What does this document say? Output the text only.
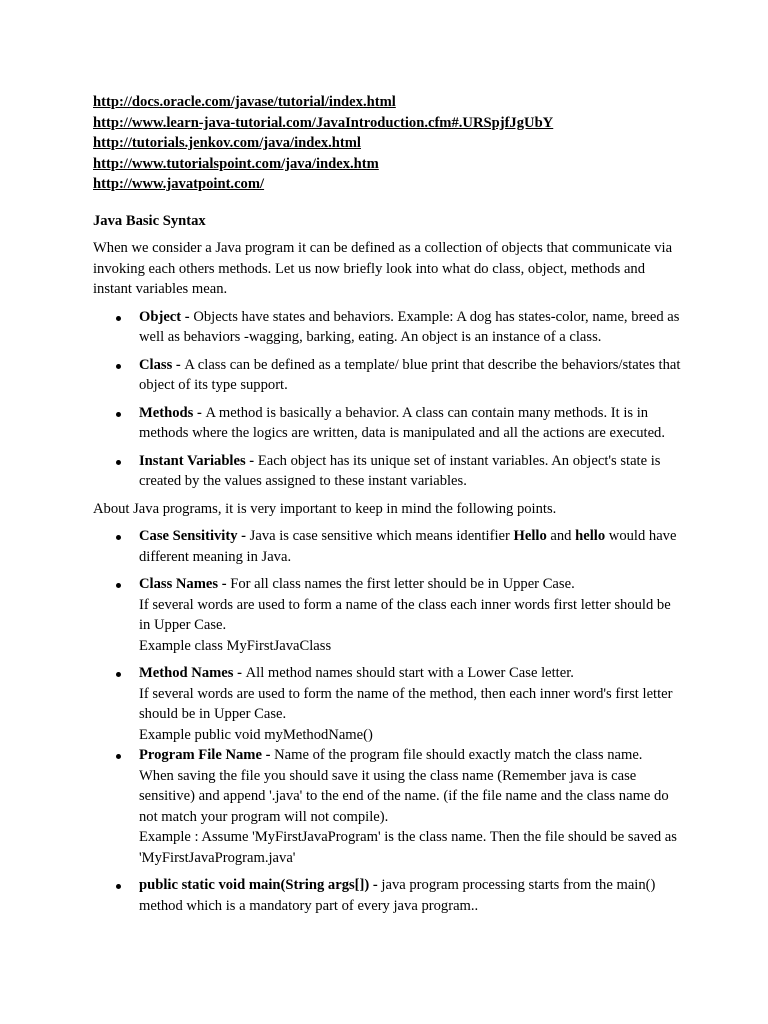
http://docs.oracle.com/javase/tutorial/index.html
http://www.learn-java-tutorial.com/JavaIntroduction.cfm#.URSpjfJgUbY
http://tutorials.jenkov.com/java/index.html
http://www.tutorialspoint.com/java/index.htm
http://www.javatpoint.com/
Java Basic Syntax

When we consider a Java program it can be defined as a collection of objects that communicate via invoking each others methods. Let us now briefly look into what do class, object, methods and instant variables mean.

Object - Objects have states and behaviors. Example: A dog has states-color, name, breed as well as behaviors -wagging, barking, eating. An object is an instance of a class.
Class - A class can be defined as a template/ blue print that describe the behaviors/states that object of its type support.
Methods - A method is basically a behavior. A class can contain many methods. It is in methods where the logics are written, data is manipulated and all the actions are executed.
Instant Variables - Each object has its unique set of instant variables. An object's state is created by the values assigned to these instant variables.

About Java programs, it is very important to keep in mind the following points.

Case Sensitivity - Java is case sensitive which means identifier Hello and hello would have different meaning in Java.
Class Names - For all class names the first letter should be in Upper Case.
If several words are used to form a name of the class each inner words first letter should be in Upper Case.
Example class MyFirstJavaClass
Method Names - All method names should start with a Lower Case letter.
If several words are used to form the name of the method, then each inner word's first letter should be in Upper Case.
Example public void myMethodName()
Program File Name - Name of the program file should exactly match the class name.
When saving the file you should save it using the class name (Remember java is case sensitive) and append '.java' to the end of the name. (if the file name and the class name do not match your program will not compile).
Example : Assume 'MyFirstJavaProgram' is the class name. Then the file should be saved as 'MyFirstJavaProgram.java'
public static void main(String args[]) - java program processing starts from the main() method which is a mandatory part of every java program..
